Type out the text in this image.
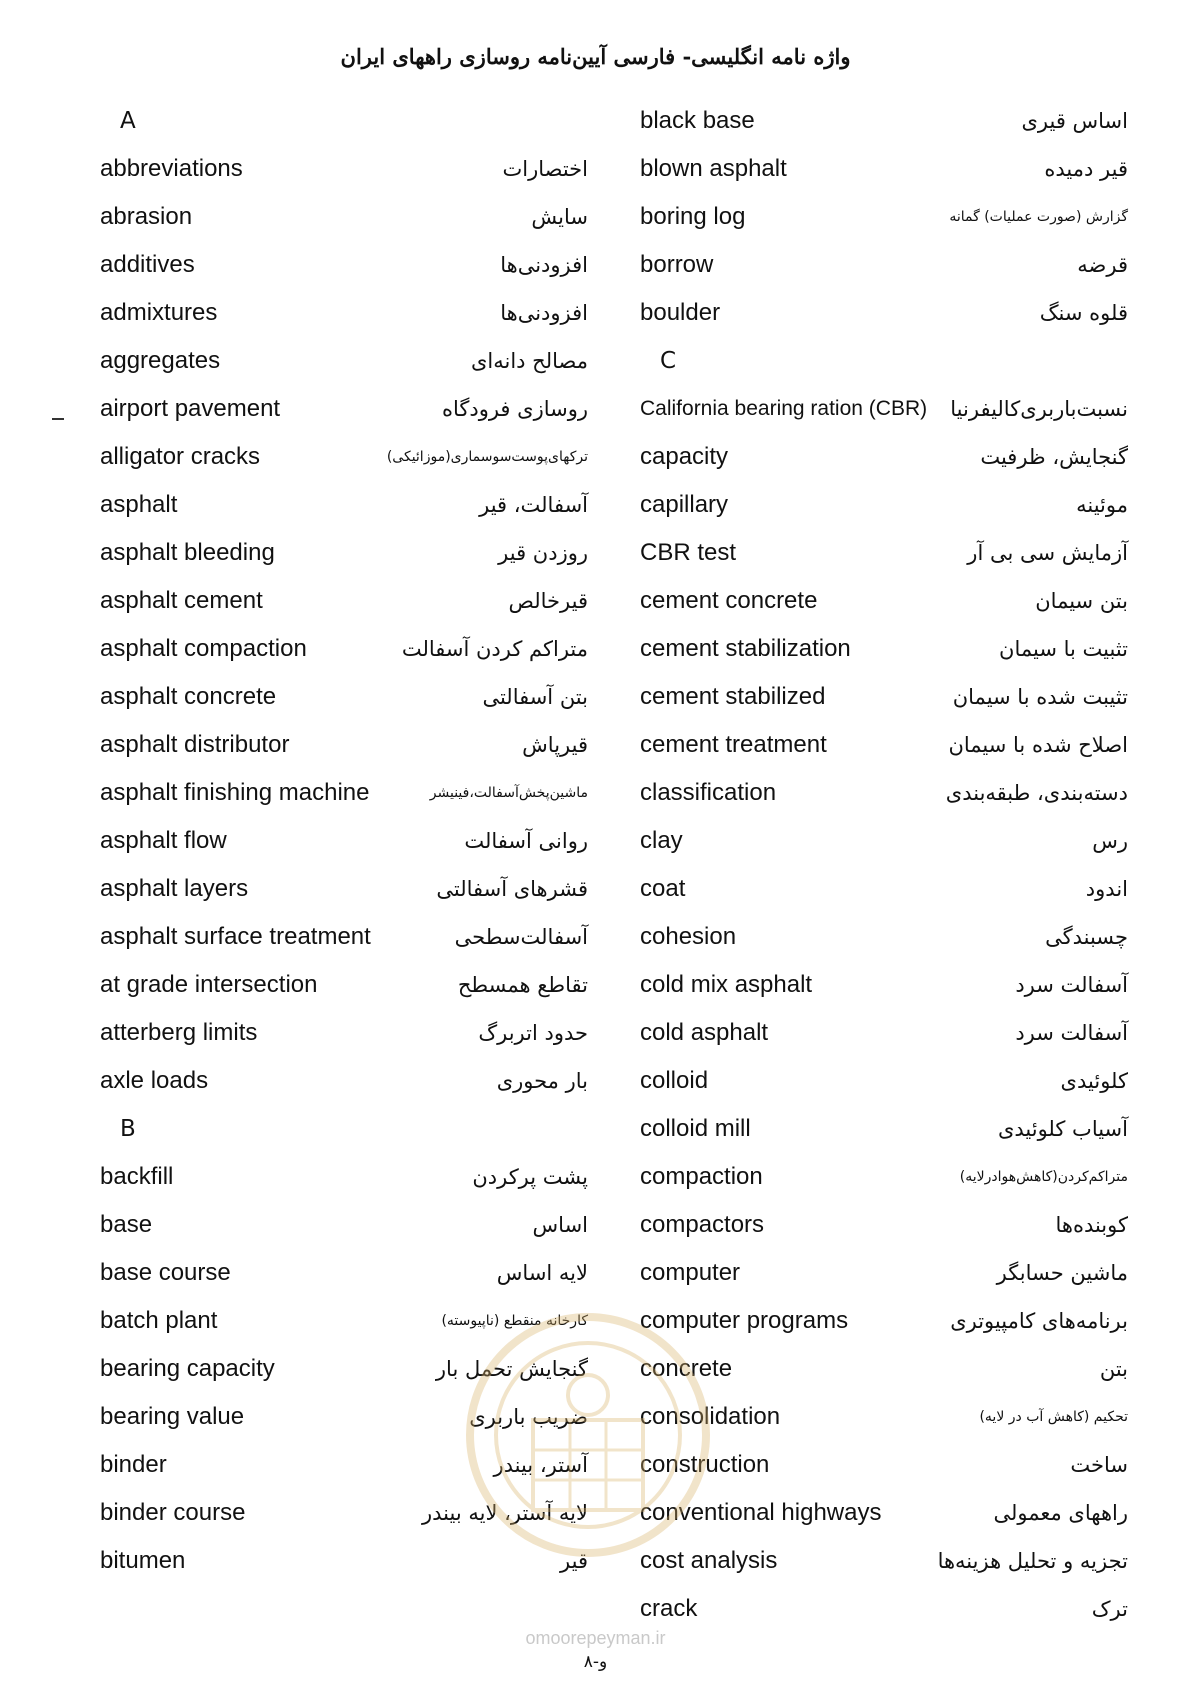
واژه نامه انگلیسی- فارسی آیین‌نامه روسازی راههای ایران
A
abbreviations	اختصارات
abrasion	سایش
additives	افزودنی‌ها
admixtures	افزودنی‌ها
aggregates	مصالح دانه‌ای
airport pavement	روسازی فرودگاه
alligator cracks	ترکهای‌پوست‌سوسماری(موزائیکی)
asphalt	آسفالت، قیر
asphalt bleeding	روزدن قیر
asphalt cement	قیرخالص
asphalt compaction	متراکم کردن آسفالت
asphalt concrete	بتن آسفالتی
asphalt distributor	قیرپاش
asphalt finishing machine	ماشین‌پخش‌آسفالت،فینیشر
asphalt flow	روانی آسفالت
asphalt layers	قشرهای آسفالتی
asphalt surface treatment	آسفالت‌سطحی
at grade intersection	تقاطع همسطح
atterberg limits	حدود اتربرگ
axle loads	بار محوری
B
backfill	پشت پرکردن
base	اساس
base course	لایه اساس
batch plant	کارخانه منقطع (ناپیوسته)
bearing capacity	گنجایش تحمل بار
bearing value	ضریب باربری
binder	آستر، بیندر
binder course	لایه آستر، لایه بیندر
bitumen	قیر
black base	اساس قیری
blown asphalt	قیر دمیده
boring log	گزارش (صورت عملیات) گمانه
borrow	قرضه
boulder	قلوه سنگ
C
California bearing ration (CBR) نسبت‌باربری‌کالیفرنیا
capacity	گنجایش، ظرفیت
capillary	موئینه
CBR test	آزمایش سی بی آر
cement concrete	بتن سیمان
cement stabilization	تثبیت با سیمان
cement stabilized	تثیبت شده با سیمان
cement treatment	اصلاح شده با سیمان
classification	دسته‌بندی، طبقه‌بندی
clay	رس
coat	اندود
cohesion	چسبندگی
cold mix asphalt	آسفالت سرد
cold asphalt	آسفالت سرد
colloid	کلوئیدی
colloid mill	آسیاب کلوئیدی
compaction	متراکم‌کردن(کاهش‌هوادرلایه)
compactors	کوبنده‌ها
computer	ماشین حسابگر
computer programs	برنامه‌های کامپیوتری
concrete	بتن
consolidation	تحکیم (کاهش آب در لایه)
construction	ساخت
conventional highways	راههای معمولی
cost analysis	تجزیه و تحلیل هزینه‌ها
crack	ترک
omoorepeyman.ir
و-٨
